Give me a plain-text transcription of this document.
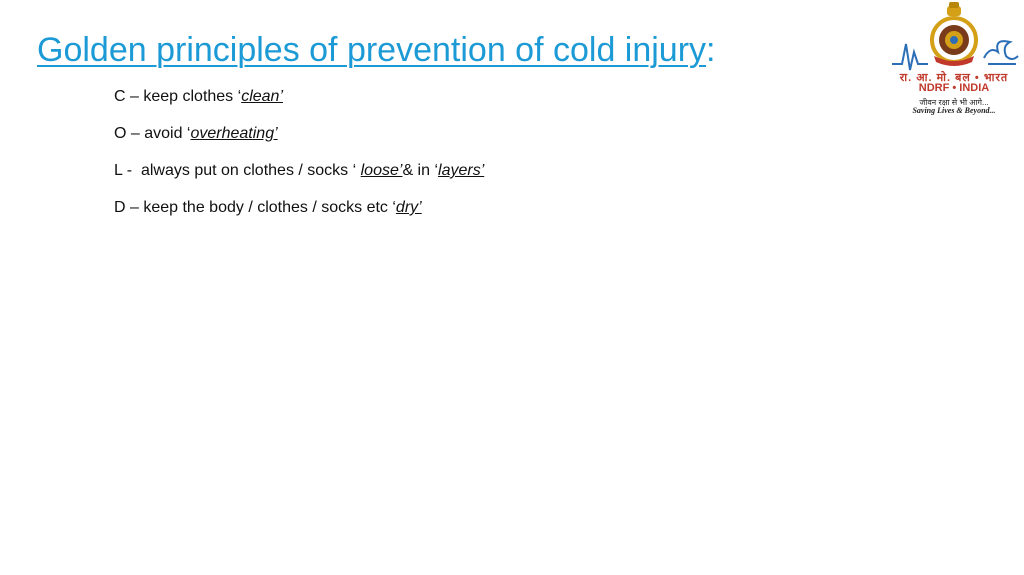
Golden principles of prevention of cold injury:
C – keep clothes ‘clean’
O – avoid ‘overheating’
L -  always put on clothes / socks ‘ loose’& in ‘layers’
D – keep the body / clothes / socks etc ‘dry’
रा. आ. मो. बल • भारत
NDRF • INDIA
जीवन रक्षा से भी आगे...
Saving Lives & Beyond...
